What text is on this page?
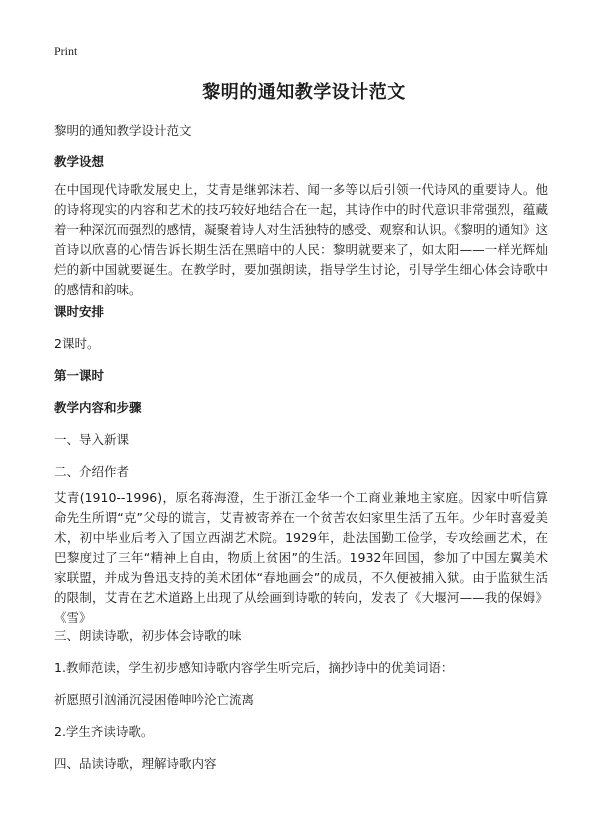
Print
黎明的通知教学设计范文
黎明的通知教学设计范文
教学设想
在中国现代诗歌发展史上，艾青是继郭沫若、闻一多等以后引领一代诗风的重要诗人。他的诗将现实的内容和艺术的技巧较好地结合在一起，其诗作中的时代意识非常强烈，蕴藏着一种深沉而强烈的感情，凝聚着诗人对生活独特的感受、观察和认识。《黎明的通知》这首诗以欣喜的心情告诉长期生活在黑暗中的人民：黎明就要来了，如太阳——一样光辉灿烂的新中国就要诞生。在教学时，要加强朗读，指导学生讨论，引导学生细心体会诗歌中的感情和韵味。
课时安排
2课时。
第一课时
教学内容和步骤
一、导入新课
二、介绍作者
艾青(1910--1996)，原名蒋海澄，生于浙江金华一个工商业兼地主家庭。因家中听信算命先生所谓“克”父母的谎言，艾青被寄养在一个贫苦农妇家里生活了五年。少年时喜爱美术，初中毕业后考入了国立西湖艺术院。1929年，赴法国勤工俭学，专攻绘画艺术，在巴黎度过了三年“精神上自由，物质上贫困”的生活。1932年回国，参加了中国左翼美术家联盟，并成为鲁迅支持的美术团体“春地画会”的成员，不久便被捕入狱。由于监狱生活的限制，艾青在艺术道路上出现了从绘画到诗歌的转向，发表了《大堰河——我的保姆》《雪》
三、朗读诗歌，初步体会诗歌的味
1.教师范读，学生初步感知诗歌内容学生听完后，摘抄诗中的优美词语：
祈愿照引汹涌沉浸困倦呻吟沦亡流离
2.学生齐读诗歌。
四、品读诗歌，理解诗歌内容
